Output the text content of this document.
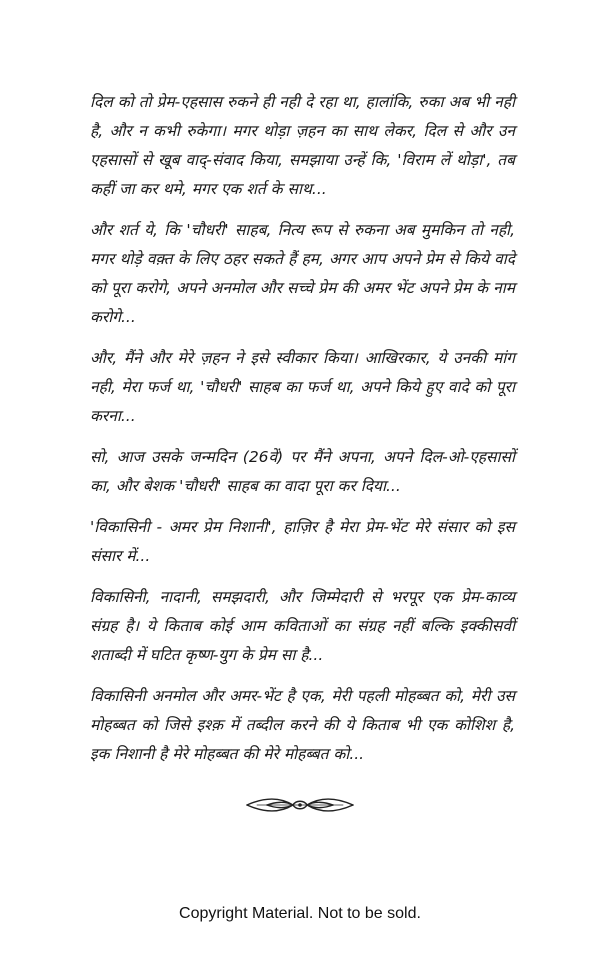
दिल को तो प्रेम-एहसास रुकने ही नही दे रहा था, हालांकि, रुका अब भी नही है, और न कभी रुकेगा। मगर थोड़ा ज़हन का साथ लेकर, दिल से और उन एहसासों से खूब वाद्-संवाद किया, समझाया उन्हें कि, 'विराम लें थोड़ा', तब कहीं जा कर थमे, मगर एक शर्त के साथ...

और शर्त ये, कि 'चौधरी' साहब, नित्य रूप से रुकना अब मुमकिन तो नही, मगर थोड़े वक़्त के लिए ठहर सकते हैं हम, अगर आप अपने प्रेम से किये वादे को पूरा करोगे, अपने अनमोल और सच्चे प्रेम की अमर भेंट अपने प्रेम के नाम करोगे...

और, मैंने और मेरे ज़हन ने इसे स्वीकार किया। आखिरकार, ये उनकी मांग नही, मेरा फर्ज था, 'चौधरी' साहब का फर्ज था, अपने किये हुए वादे को पूरा करना...

सो, आज उसके जन्मदिन (26वें) पर मैंने अपना, अपने दिल-ओ-एहसासों का, और बेशक 'चौधरी' साहब का वादा पूरा कर दिया...

'विकासिनी - अमर प्रेम निशानी', हाज़िर है मेरा प्रेम-भेंट मेरे संसार को इस संसार में...

विकासिनी, नादानी, समझदारी, और जिम्मेदारी से भरपूर एक प्रेम-काव्य संग्रह है। ये किताब कोई आम कविताओं का संग्रह नहीं बल्कि इक्कीसवीं शताब्दी में घटित कृष्ण-युग के प्रेम सा है...

विकासिनी अनमोल और अमर-भेंट है एक, मेरी पहली मोहब्बत को, मेरी उस मोहब्बत को जिसे इश्क़ में तब्दील करने की ये किताब भी एक कोशिश है, इक निशानी है मेरे मोहब्बत की मेरे मोहब्बत को...

Copyright Material. Not to be sold.
